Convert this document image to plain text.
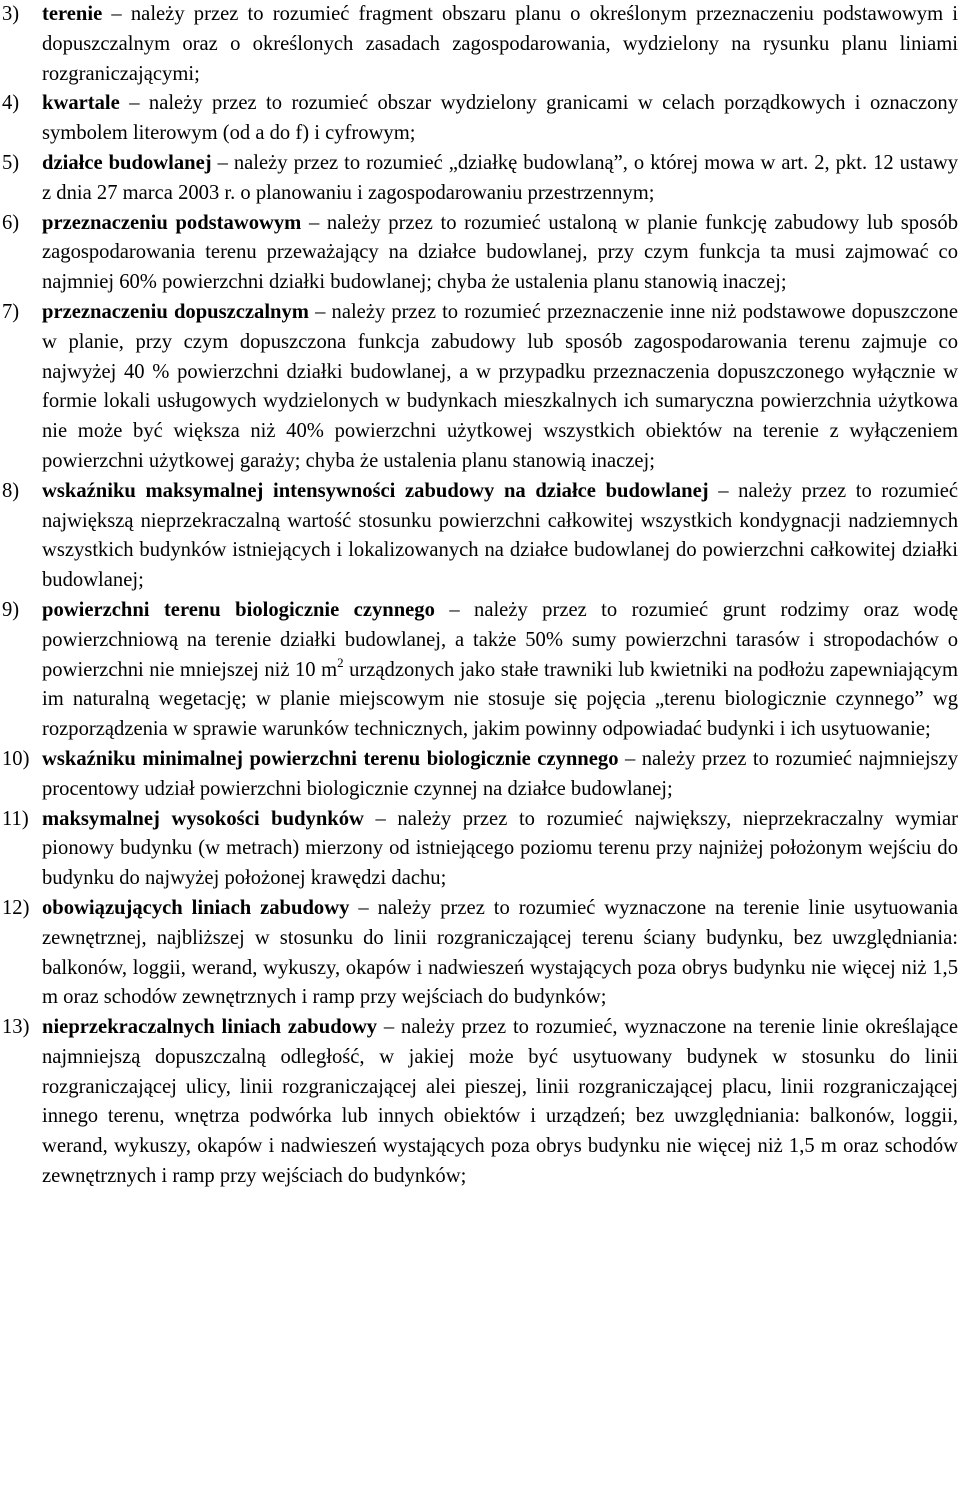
3)	terenie – należy przez to rozumieć fragment obszaru planu o określonym przeznaczeniu podstawowym i dopuszczalnym oraz o określonych zasadach zagospodarowania, wydzielony na rysunku planu liniami rozgraniczającymi;

4)	kwartale – należy przez to rozumieć obszar wydzielony granicami w celach porządkowych i oznaczony symbolem literowym (od a do f) i cyfrowym;

5)	działce budowlanej – należy przez to rozumieć „działkę budowlaną”, o której mowa w art. 2, pkt. 12 ustawy z dnia 27 marca 2003 r. o planowaniu i zagospodarowaniu przestrzennym;

6)	przeznaczeniu podstawowym – należy przez to rozumieć ustaloną w planie funkcję zabudowy lub sposób zagospodarowania terenu przeważający na działce budowlanej, przy czym funkcja ta musi zajmować co najmniej 60% powierzchni działki budowlanej; chyba że ustalenia planu stanowią inaczej;

7)	przeznaczeniu dopuszczalnym – należy przez to rozumieć przeznaczenie inne niż podstawowe dopuszczone w planie, przy czym dopuszczona funkcja zabudowy lub sposób zagospodarowania terenu zajmuje co najwyżej 40 % powierzchni działki budowlanej, a w przypadku przeznaczenia dopuszczonego wyłącznie w formie lokali usługowych wydzielonych w budynkach mieszkalnych ich sumaryczna powierzchnia użytkowa nie może być większa niż 40% powierzchni użytkowej wszystkich obiektów na terenie z wyłączeniem powierzchni użytkowej garaży; chyba że ustalenia planu stanowią inaczej;

8)	wskaźniku maksymalnej intensywności zabudowy na działce budowlanej – należy przez to rozumieć największą nieprzekraczalną wartość stosunku powierzchni całkowitej wszystkich kondygnacji nadziemnych wszystkich budynków istniejących i lokalizowanych na działce budowlanej do powierzchni całkowitej działki budowlanej;

9)	powierzchni terenu biologicznie czynnego – należy przez to rozumieć grunt rodzimy oraz wodę powierzchniową na terenie działki budowlanej, a także 50% sumy powierzchni tarasów i stropodachów o powierzchni nie mniejszej niż 10 $m^2$ urządzonych jako stałe trawniki lub kwietniki na podłożu zapewniającym im naturalną wegetację; w planie miejscowym nie stosuje się pojęcia „terenu biologicznie czynnego” wg rozporządzenia w sprawie warunków technicznych, jakim powinny odpowiadać budynki i ich usytuowanie;

10) wskaźniku minimalnej powierzchni terenu biologicznie czynnego – należy przez to rozumieć najmniejszy procentowy udział powierzchni biologicznie czynnej na działce budowlanej;

11) maksymalnej wysokości budynków – należy przez to rozumieć największy, nieprzekraczalny wymiar pionowy budynku (w metrach) mierzony od istniejącego poziomu terenu przy najniżej położonym wejściu do budynku do najwyżej położonej krawędzi dachu;

12) obowiązujących liniach zabudowy – należy przez to rozumieć wyznaczone na terenie linie usytuowania zewnętrznej, najbliższej w stosunku do linii rozgraniczającej terenu ściany budynku, bez uwzględniania: balkonów, loggii, werand, wykuszy, okapów i nadwieszeń wystających poza obrys budynku nie więcej niż 1,5 m oraz schodów zewnętrznych i ramp przy wejściach do budynków;

13) nieprzekraczalnych liniach zabudowy – należy przez to rozumieć, wyznaczone na terenie linie określające najmniejszą dopuszczalną odległość, w jakiej może być usytuowany budynek w stosunku do linii rozgraniczającej ulicy, linii rozgraniczającej alei pieszej, linii rozgraniczającej placu, linii rozgraniczającej innego terenu, wnętrza podwórka lub innych obiektów i urządzeń; bez uwzględniania: balkonów, loggii, werand, wykuszy, okapów i nadwieszeń wystających poza obrys budynku nie więcej niż 1,5 m oraz schodów zewnętrznych i ramp przy wejściach do budynków;
